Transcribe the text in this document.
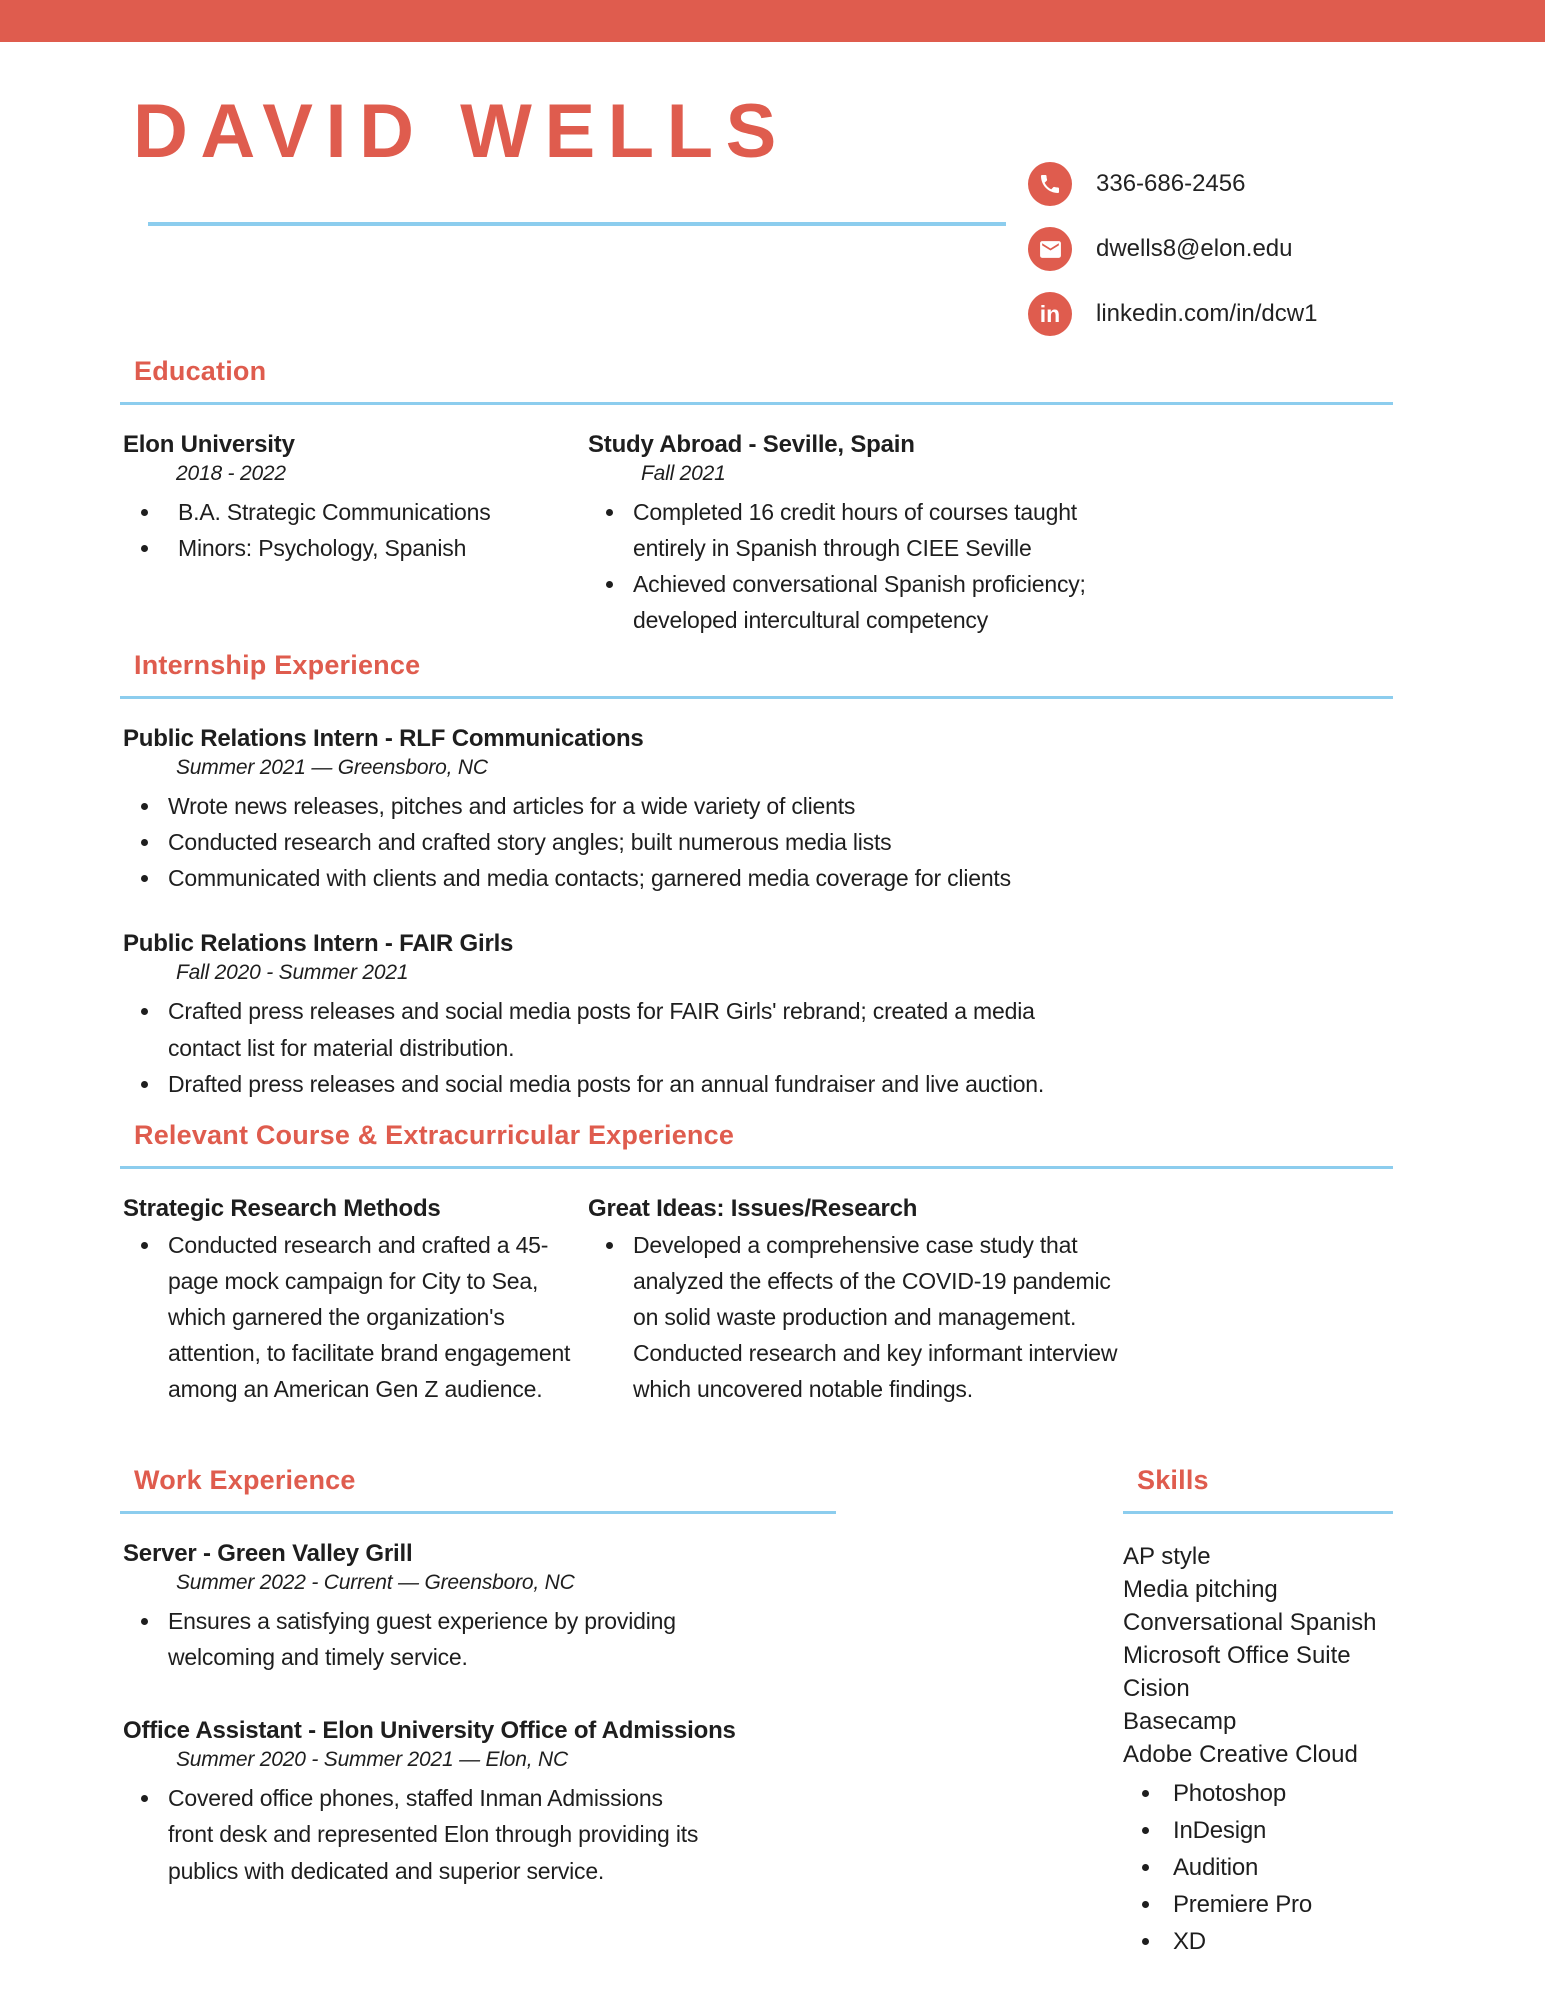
DAVID WELLS
336-686-2456
dwells8@elon.edu
in linkedin.com/in/dcw1
Education
Elon University
2018 - 2022
• B.A. Strategic Communications
• Minors: Psychology, Spanish
Study Abroad - Seville, Spain
Fall 2021
• Completed 16 credit hours of courses taught entirely in Spanish through CIEE Seville
• Achieved conversational Spanish proficiency; developed intercultural competency
Internship Experience
Public Relations Intern - RLF Communications
Summer 2021 — Greensboro, NC
• Wrote news releases, pitches and articles for a wide variety of clients
• Conducted research and crafted story angles; built numerous media lists
• Communicated with clients and media contacts; garnered media coverage for clients
Public Relations Intern - FAIR Girls
Fall 2020 - Summer 2021
• Crafted press releases and social media posts for FAIR Girls' rebrand; created a media contact list for material distribution.
• Drafted press releases and social media posts for an annual fundraiser and live auction.
Relevant Course & Extracurricular Experience
Strategic Research Methods
• Conducted research and crafted a 45-page mock campaign for City to Sea, which garnered the organization's attention, to facilitate brand engagement among an American Gen Z audience.
Great Ideas: Issues/Research
• Developed a comprehensive case study that analyzed the effects of the COVID-19 pandemic on solid waste production and management. Conducted research and key informant interview which uncovered notable findings.
Work Experience
Server - Green Valley Grill
Summer 2022 - Current — Greensboro, NC
• Ensures a satisfying guest experience by providing welcoming and timely service.
Office Assistant - Elon University Office of Admissions
Summer 2020 - Summer 2021 — Elon, NC
• Covered office phones, staffed Inman Admissions front desk and represented Elon through providing its publics with dedicated and superior service.
Skills
AP style
Media pitching
Conversational Spanish
Microsoft Office Suite
Cision
Basecamp
Adobe Creative Cloud
• Photoshop
• InDesign
• Audition
• Premiere Pro
• XD
